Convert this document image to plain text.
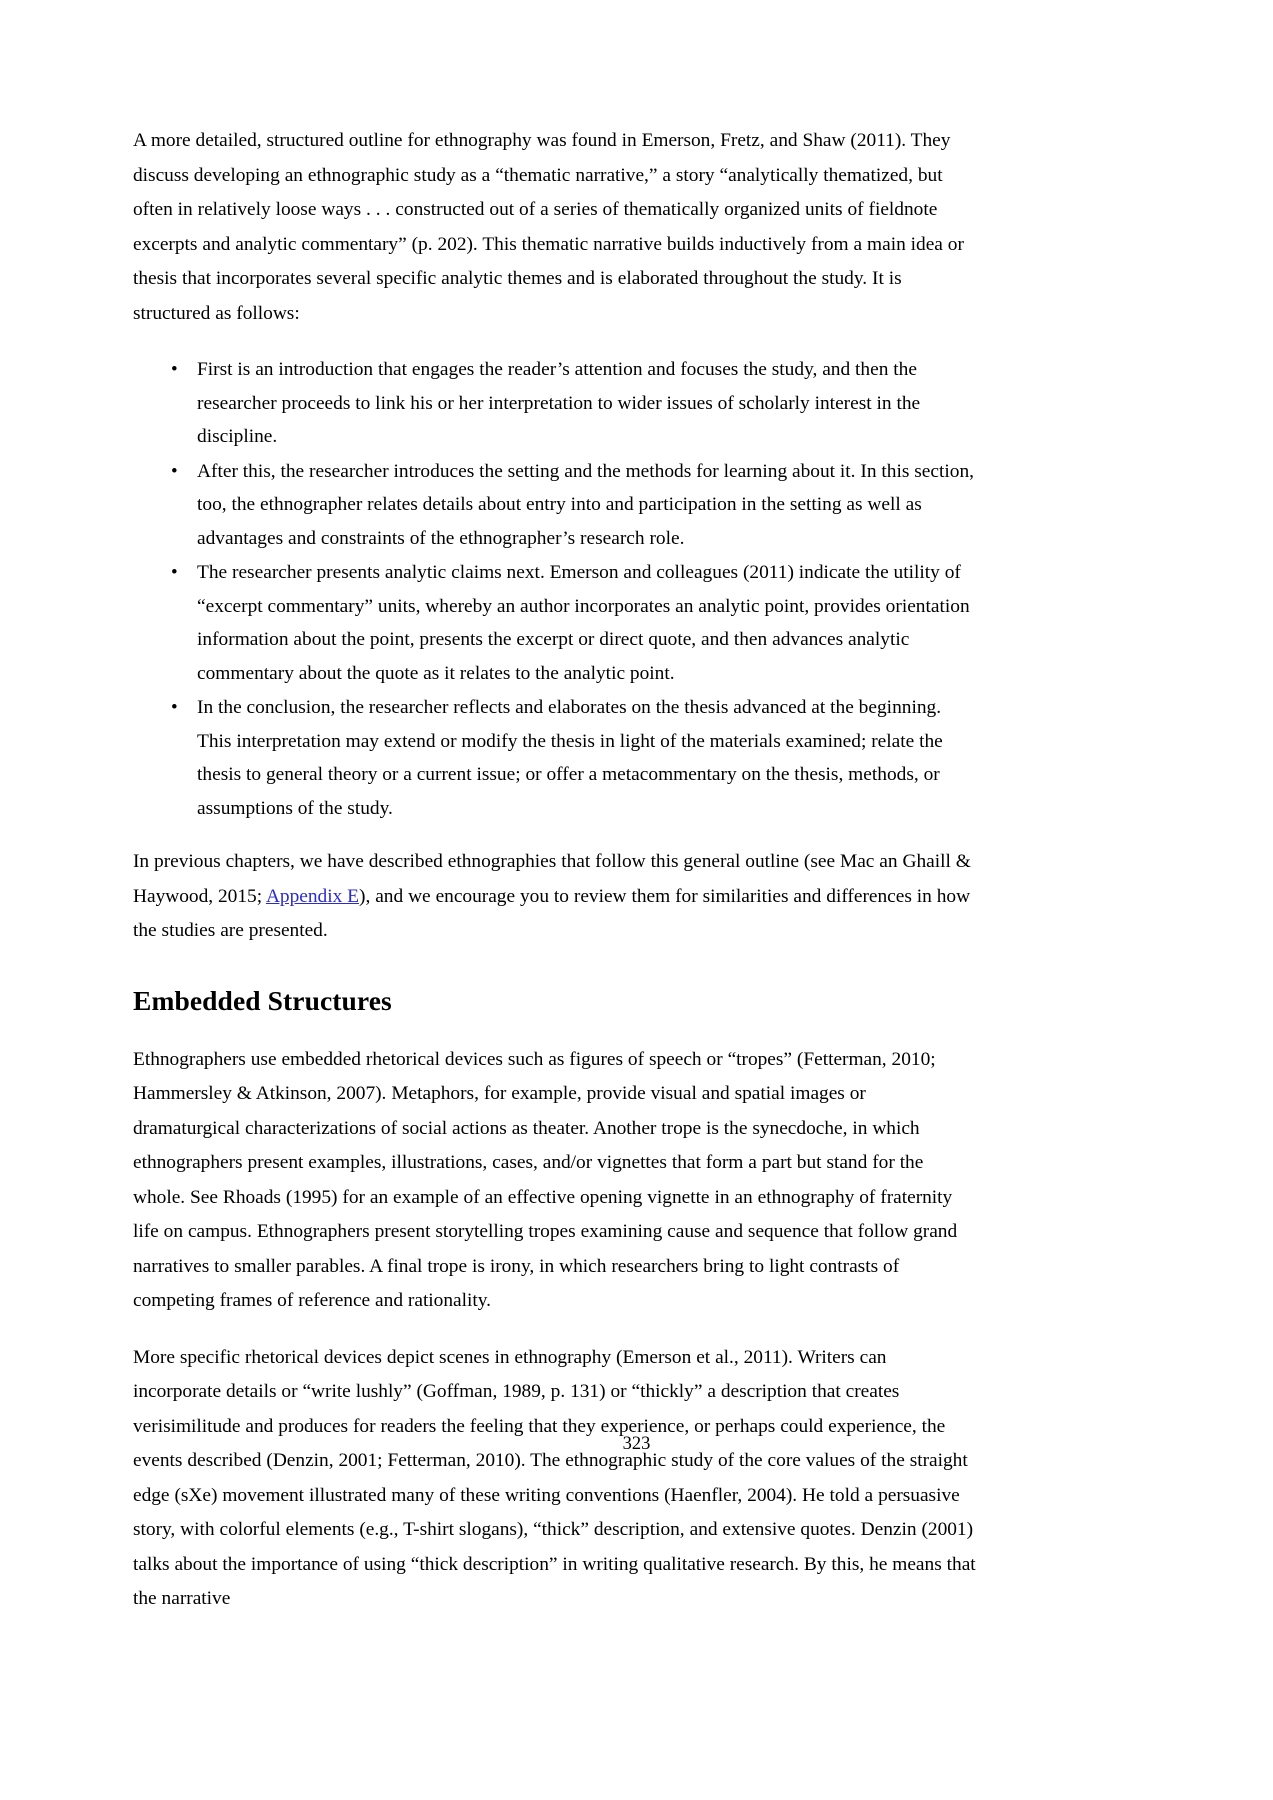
A more detailed, structured outline for ethnography was found in Emerson, Fretz, and Shaw (2011). They discuss developing an ethnographic study as a “thematic narrative,” a story “analytically thematized, but often in relatively loose ways . . . constructed out of a series of thematically organized units of fieldnote excerpts and analytic commentary” (p. 202). This thematic narrative builds inductively from a main idea or thesis that incorporates several specific analytic themes and is elaborated throughout the study. It is structured as follows:

• First is an introduction that engages the reader’s attention and focuses the study, and then the researcher proceeds to link his or her interpretation to wider issues of scholarly interest in the discipline.
• After this, the researcher introduces the setting and the methods for learning about it. In this section, too, the ethnographer relates details about entry into and participation in the setting as well as advantages and constraints of the ethnographer’s research role.
• The researcher presents analytic claims next. Emerson and colleagues (2011) indicate the utility of “excerpt commentary” units, whereby an author incorporates an analytic point, provides orientation information about the point, presents the excerpt or direct quote, and then advances analytic commentary about the quote as it relates to the analytic point.
• In the conclusion, the researcher reflects and elaborates on the thesis advanced at the beginning. This interpretation may extend or modify the thesis in light of the materials examined; relate the thesis to general theory or a current issue; or offer a metacommentary on the thesis, methods, or assumptions of the study.

In previous chapters, we have described ethnographies that follow this general outline (see Mac an Ghaill & Haywood, 2015; Appendix E), and we encourage you to review them for similarities and differences in how the studies are presented.

Embedded Structures

Ethnographers use embedded rhetorical devices such as figures of speech or “tropes” (Fetterman, 2010; Hammersley & Atkinson, 2007). Metaphors, for example, provide visual and spatial images or dramaturgical characterizations of social actions as theater. Another trope is the synecdoche, in which ethnographers present examples, illustrations, cases, and/or vignettes that form a part but stand for the whole. See Rhoads (1995) for an example of an effective opening vignette in an ethnography of fraternity life on campus. Ethnographers present storytelling tropes examining cause and sequence that follow grand narratives to smaller parables. A final trope is irony, in which researchers bring to light contrasts of competing frames of reference and rationality.

More specific rhetorical devices depict scenes in ethnography (Emerson et al., 2011). Writers can incorporate details or “write lushly” (Goffman, 1989, p. 131) or “thickly” a description that creates verisimilitude and produces for readers the feeling that they experience, or perhaps could experience, the events described (Denzin, 2001; Fetterman, 2010). The ethnographic study of the core values of the straight edge (sXe) movement illustrated many of these writing conventions (Haenfler, 2004). He told a persuasive story, with colorful elements (e.g., T-shirt slogans), “thick” description, and extensive quotes. Denzin (2001) talks about the importance of using “thick description” in writing qualitative research. By this, he means that the narrative

323
